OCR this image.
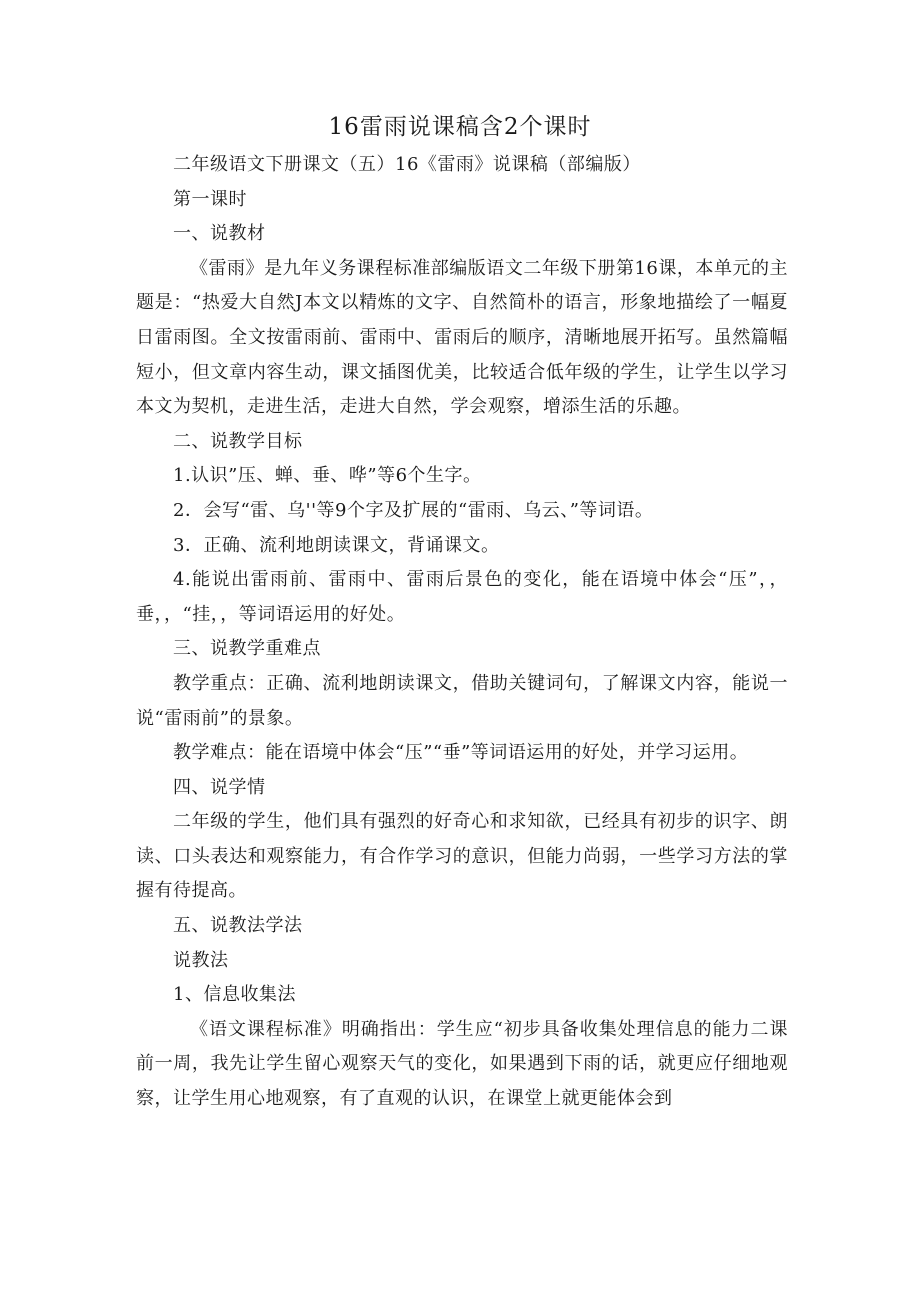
16雷雨说课稿含2个课时

二年级语文下册课文（五）16《雷雨》说课稿（部编版）

第一课时

一、说教材

《雷雨》是九年义务课程标准部编版语文二年级下册第16课，本单元的主题是：“热爱大自然J本文以精炼的文字、自然简朴的语言，形象地描绘了一幅夏日雷雨图。全文按雷雨前、雷雨中、雷雨后的顺序，清晰地展开拓写。虽然篇幅短小，但文章内容生动，课文插图优美，比较适合低年级的学生，让学生以学习本文为契机，走进生活，走进大自然，学会观察，增添生活的乐趣。

二、说教学目标

1.认识”压、蝉、垂、哗”等6个生字。

2．会写“雷、乌''等9个字及扩展的“雷雨、乌云、”等词语。

3．正确、流利地朗读课文，背诵课文。

4.能说出雷雨前、雷雨中、雷雨后景色的变化，能在语境中体会“压”，，垂，，“挂，，等词语运用的好处。

三、说教学重难点

教学重点：正确、流利地朗读课文，借助关键词句，了解课文内容，能说一说“雷雨前”的景象。

教学难点：能在语境中体会“压”“垂”等词语运用的好处，并学习运用。

四、说学情

二年级的学生，他们具有强烈的好奇心和求知欲，已经具有初步的识字、朗读、口头表达和观察能力，有合作学习的意识，但能力尚弱，一些学习方法的掌握有待提高。

五、说教法学法

说教法

1、信息收集法

《语文课程标准》明确指出：学生应“初步具备收集处理信息的能力二课前一周，我先让学生留心观察天气的变化，如果遇到下雨的话，就更应仔细地观察，让学生用心地观察，有了直观的认识，在课堂上就更能体会到
